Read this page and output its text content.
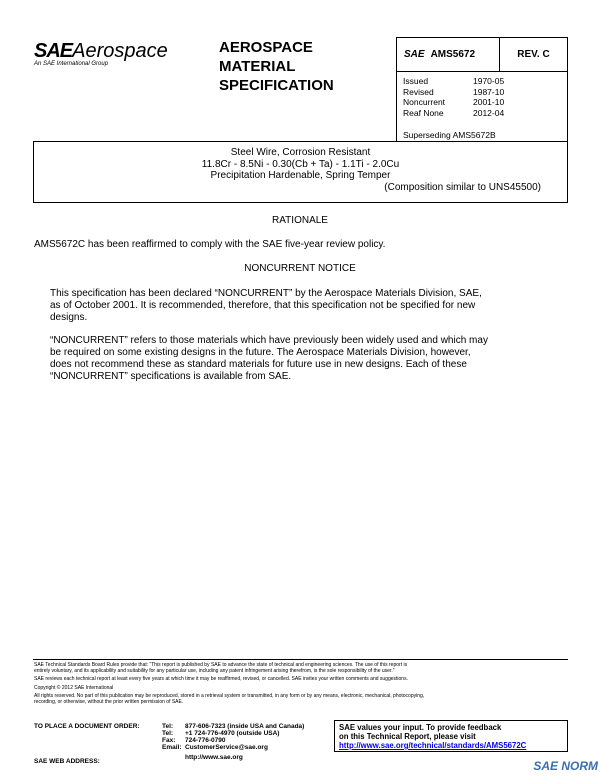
SAEAerospace
An SAE International Group
AEROSPACE
MATERIAL
SPECIFICATION
SAE AMS5672	REV. C
Issued	1970-05
Revised	1987-10
Noncurrent	2001-10
Reaf None	2012-04
Superseding AMS5672B
Steel Wire, Corrosion Resistant
11.8Cr - 8.5Ni - 0.30(Cb + Ta) - 1.1Ti - 2.0Cu
Precipitation Hardenable, Spring Temper
(Composition similar to UNS45500)
RATIONALE
AMS5672C has been reaffirmed to comply with the SAE five-year review policy.
NONCURRENT NOTICE
This specification has been declared “NONCURRENT” by the Aerospace Materials Division, SAE,
as of October 2001. It is recommended, therefore, that this specification not be specified for new
designs.
“NONCURRENT” refers to those materials which have previously been widely used and which may
be required on some existing designs in the future. The Aerospace Materials Division, however,
does not recommend these as standard materials for future use in new designs. Each of these
“NONCURRENT” specifications is available from SAE.
SAE Technical Standards Board Rules provide that: “This report is published by SAE to advance the state of technical and engineering sciences. The use of this report is
entirely voluntary, and its applicability and suitability for any particular use, including any patent infringement arising therefrom, is the sole responsibility of the user.”
SAE reviews each technical report at least every five years at which time it may be reaffirmed, revised, or cancelled. SAE invites your written comments and suggestions.
Copyright © 2012 SAE International
All rights reserved. No part of this publication may be reproduced, stored in a retrieval system or transmitted, in any form or by any means, electronic, mechanical, photocopying,
recording, or otherwise, without the prior written permission of SAE.
TO PLACE A DOCUMENT ORDER:	Tel: 877-606-7323 (inside USA and Canada)
Tel: +1 724-776-4970 (outside USA)
Fax: 724-776-0790
Email: CustomerService@sae.org
http://www.sae.org
SAE WEB ADDRESS:
SAE values your input. To provide feedback
on this Technical Report, please visit
http://www.sae.org/technical/standards/AMS5672C
SAE NORM
